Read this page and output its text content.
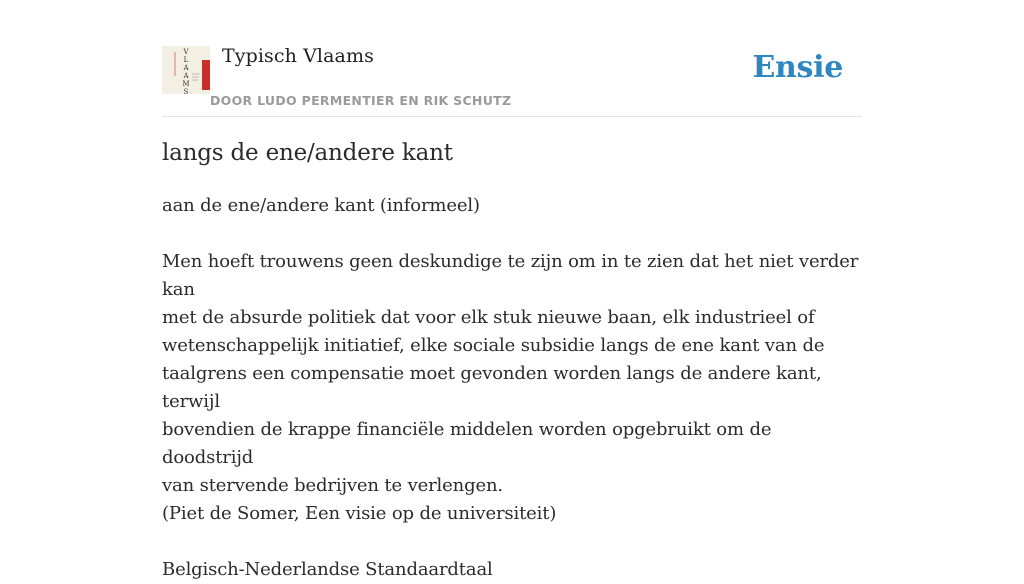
V
L
A
A
M
S
Typisch Vlaams
DOOR LUDO PERMENTIER EN RIK SCHUTZ
Ensie
langs de ene/andere kant

aan de ene/andere kant (informeel)

Men hoeft trouwens geen deskundige te zijn om in te zien dat het niet verder kan

met de absurde politiek dat voor elk stuk nieuwe baan, elk industrieel of

wetenschappelijk initiatief, elke sociale subsidie langs de ene kant van de

taalgrens een compensatie moet gevonden worden langs de andere kant, terwijl

bovendien de krappe financiële middelen worden opgebruikt om de doodstrijd

van stervende bedrijven te verlengen.

(Piet de Somer, Een visie op de universiteit)

Belgisch-Nederlandse Standaardtaal
